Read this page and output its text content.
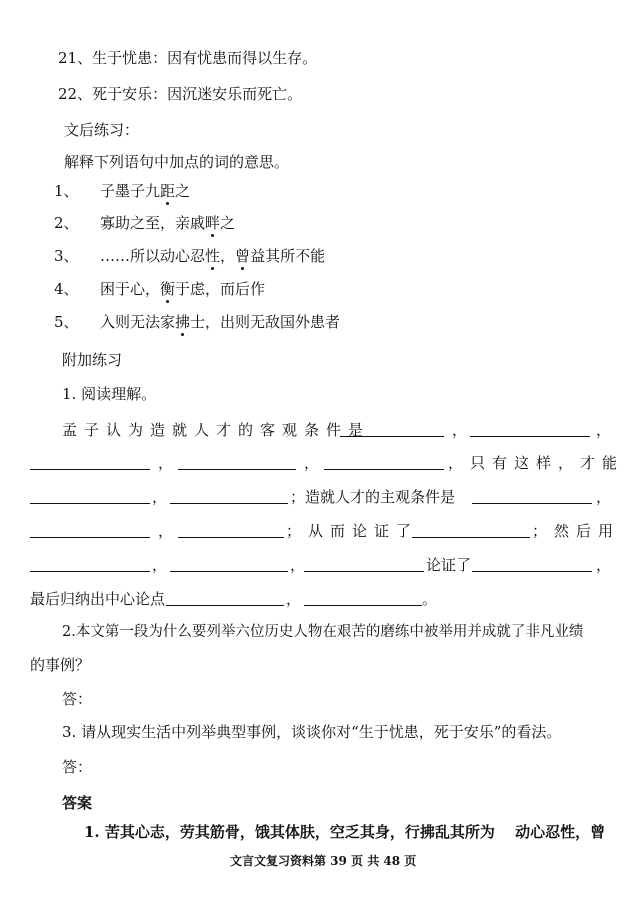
21、生于忧患：因有忧患而得以生存。
22、死于安乐：因沉迷安乐而死亡。
文后练习：
解释下列语句中加点的词的意思。
1、 子墨子九距之
2、 寡助之至，亲戚畔之
3、 ……所以动心忍性，曾益其所不能
4、 困于心，衡于虑，而后作
5、 入则无法家拂士，出则无敌国外患者
附加练习
1. 阅读理解。
孟子认为造就人才的客观条件是	，	，
，	，	，只有这样，才能
，	；造就人才的主观条件是	，
，	；从而论证了	；然后用
，	，	论证了	，
最后归纳出中心论点	，	。
2.本文第一段为什么要列举六位历史人物在艰苦的磨练中被举用并成就了非凡业绩
的事例？
答：
3. 请从现实生活中列举典型事例，谈谈你对“生于忧患，死于安乐”的看法。
答：
答案
1. 苦其心志，劳其筋骨，饿其体肤，空乏其身，行拂乱其所为　 动心忍性，曾
文言文复习资料第 39 页 共 48 页
